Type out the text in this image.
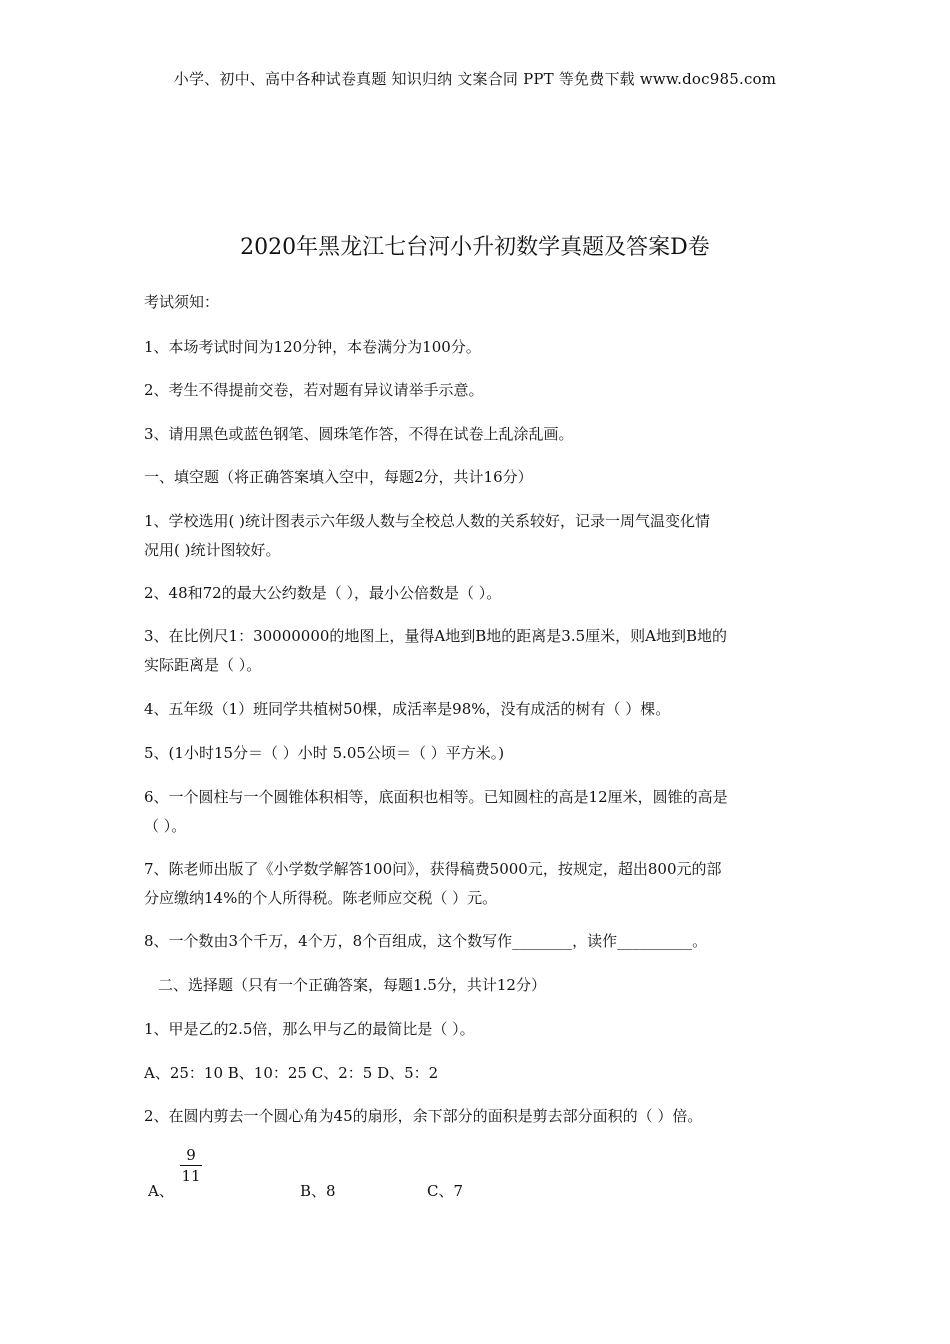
小学、初中、高中各种试卷真题 知识归纳 文案合同 PPT 等免费下载 www.doc985.com
2020年黑龙江七台河小升初数学真题及答案D卷
考试须知：
1、本场考试时间为120分钟，本卷满分为100分。
2、考生不得提前交卷，若对题有异议请举手示意。
3、请用黑色或蓝色钢笔、圆珠笔作答，不得在试卷上乱涂乱画。
一、填空题（将正确答案填入空中，每题2分，共计16分）
1、学校选用( )统计图表示六年级人数与全校总人数的关系较好，记录一周气温变化情
况用( )统计图较好。
2、48和72的最大公约数是（ ），最小公倍数是（ ）。
3、在比例尺1：30000000的地图上，量得A地到B地的距离是3.5厘米，则A地到B地的
实际距离是（ ）。
4、五年级（1）班同学共植树50棵，成活率是98%，没有成活的树有（ ）棵。
5、(1小时15分＝（ ）小时 5.05公顷＝（ ）平方米。)
6、一个圆柱与一个圆锥体积相等，底面积也相等。已知圆柱的高是12厘米，圆锥的高是
（ ）。
7、陈老师出版了《小学数学解答100问》，获得稿费5000元，按规定，超出800元的部
分应缴纳14%的个人所得税。陈老师应交税（ ）元。
8、一个数由3个千万，4个万，8个百组成，这个数写作________，读作__________。
二、选择题（只有一个正确答案，每题1.5分，共计12分）
1、甲是乙的2.5倍，那么甲与乙的最简比是（ ）。
A、25：10 B、10：25 C、2：5 D、5：2
2、在圆内剪去一个圆心角为45的扇形，余下部分的面积是剪去部分面积的（ ）倍。
A、
$\frac{9}{11}$
B、8	C、7
